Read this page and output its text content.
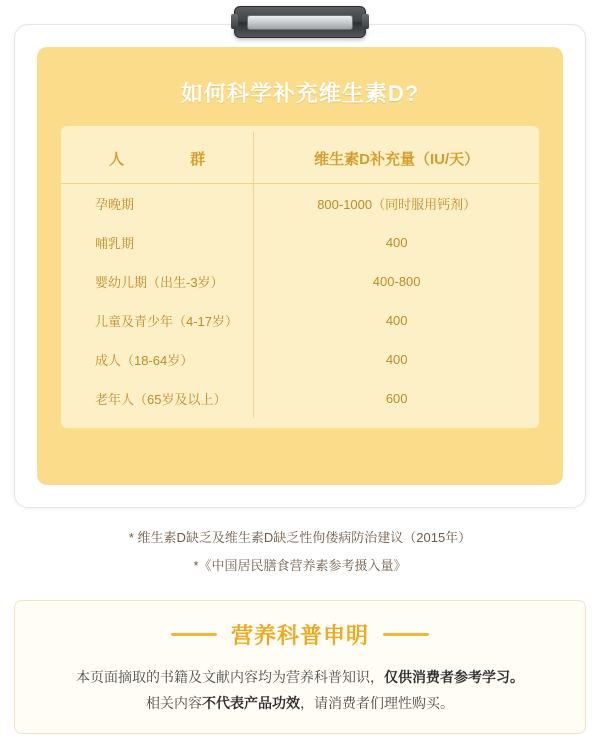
如何科学补充维生素D?
人　　群	维生素D补充量（IU/天）
孕晚期	800-1000（同时服用钙剂）
哺乳期	400
婴幼儿期（出生-3岁）	400-800
儿童及青少年（4-17岁）	400
成人（18-64岁）	400
老年人（65岁及以上）	600
* 维生素D缺乏及维生素D缺乏性佝偻病防治建议（2015年）
*《中国居民膳食营养素参考摄入量》
营养科普申明
本页面摘取的书籍及文献内容均为营养科普知识，仅供消费者参考学习。
相关内容不代表产品功效，请消费者们理性购买。
